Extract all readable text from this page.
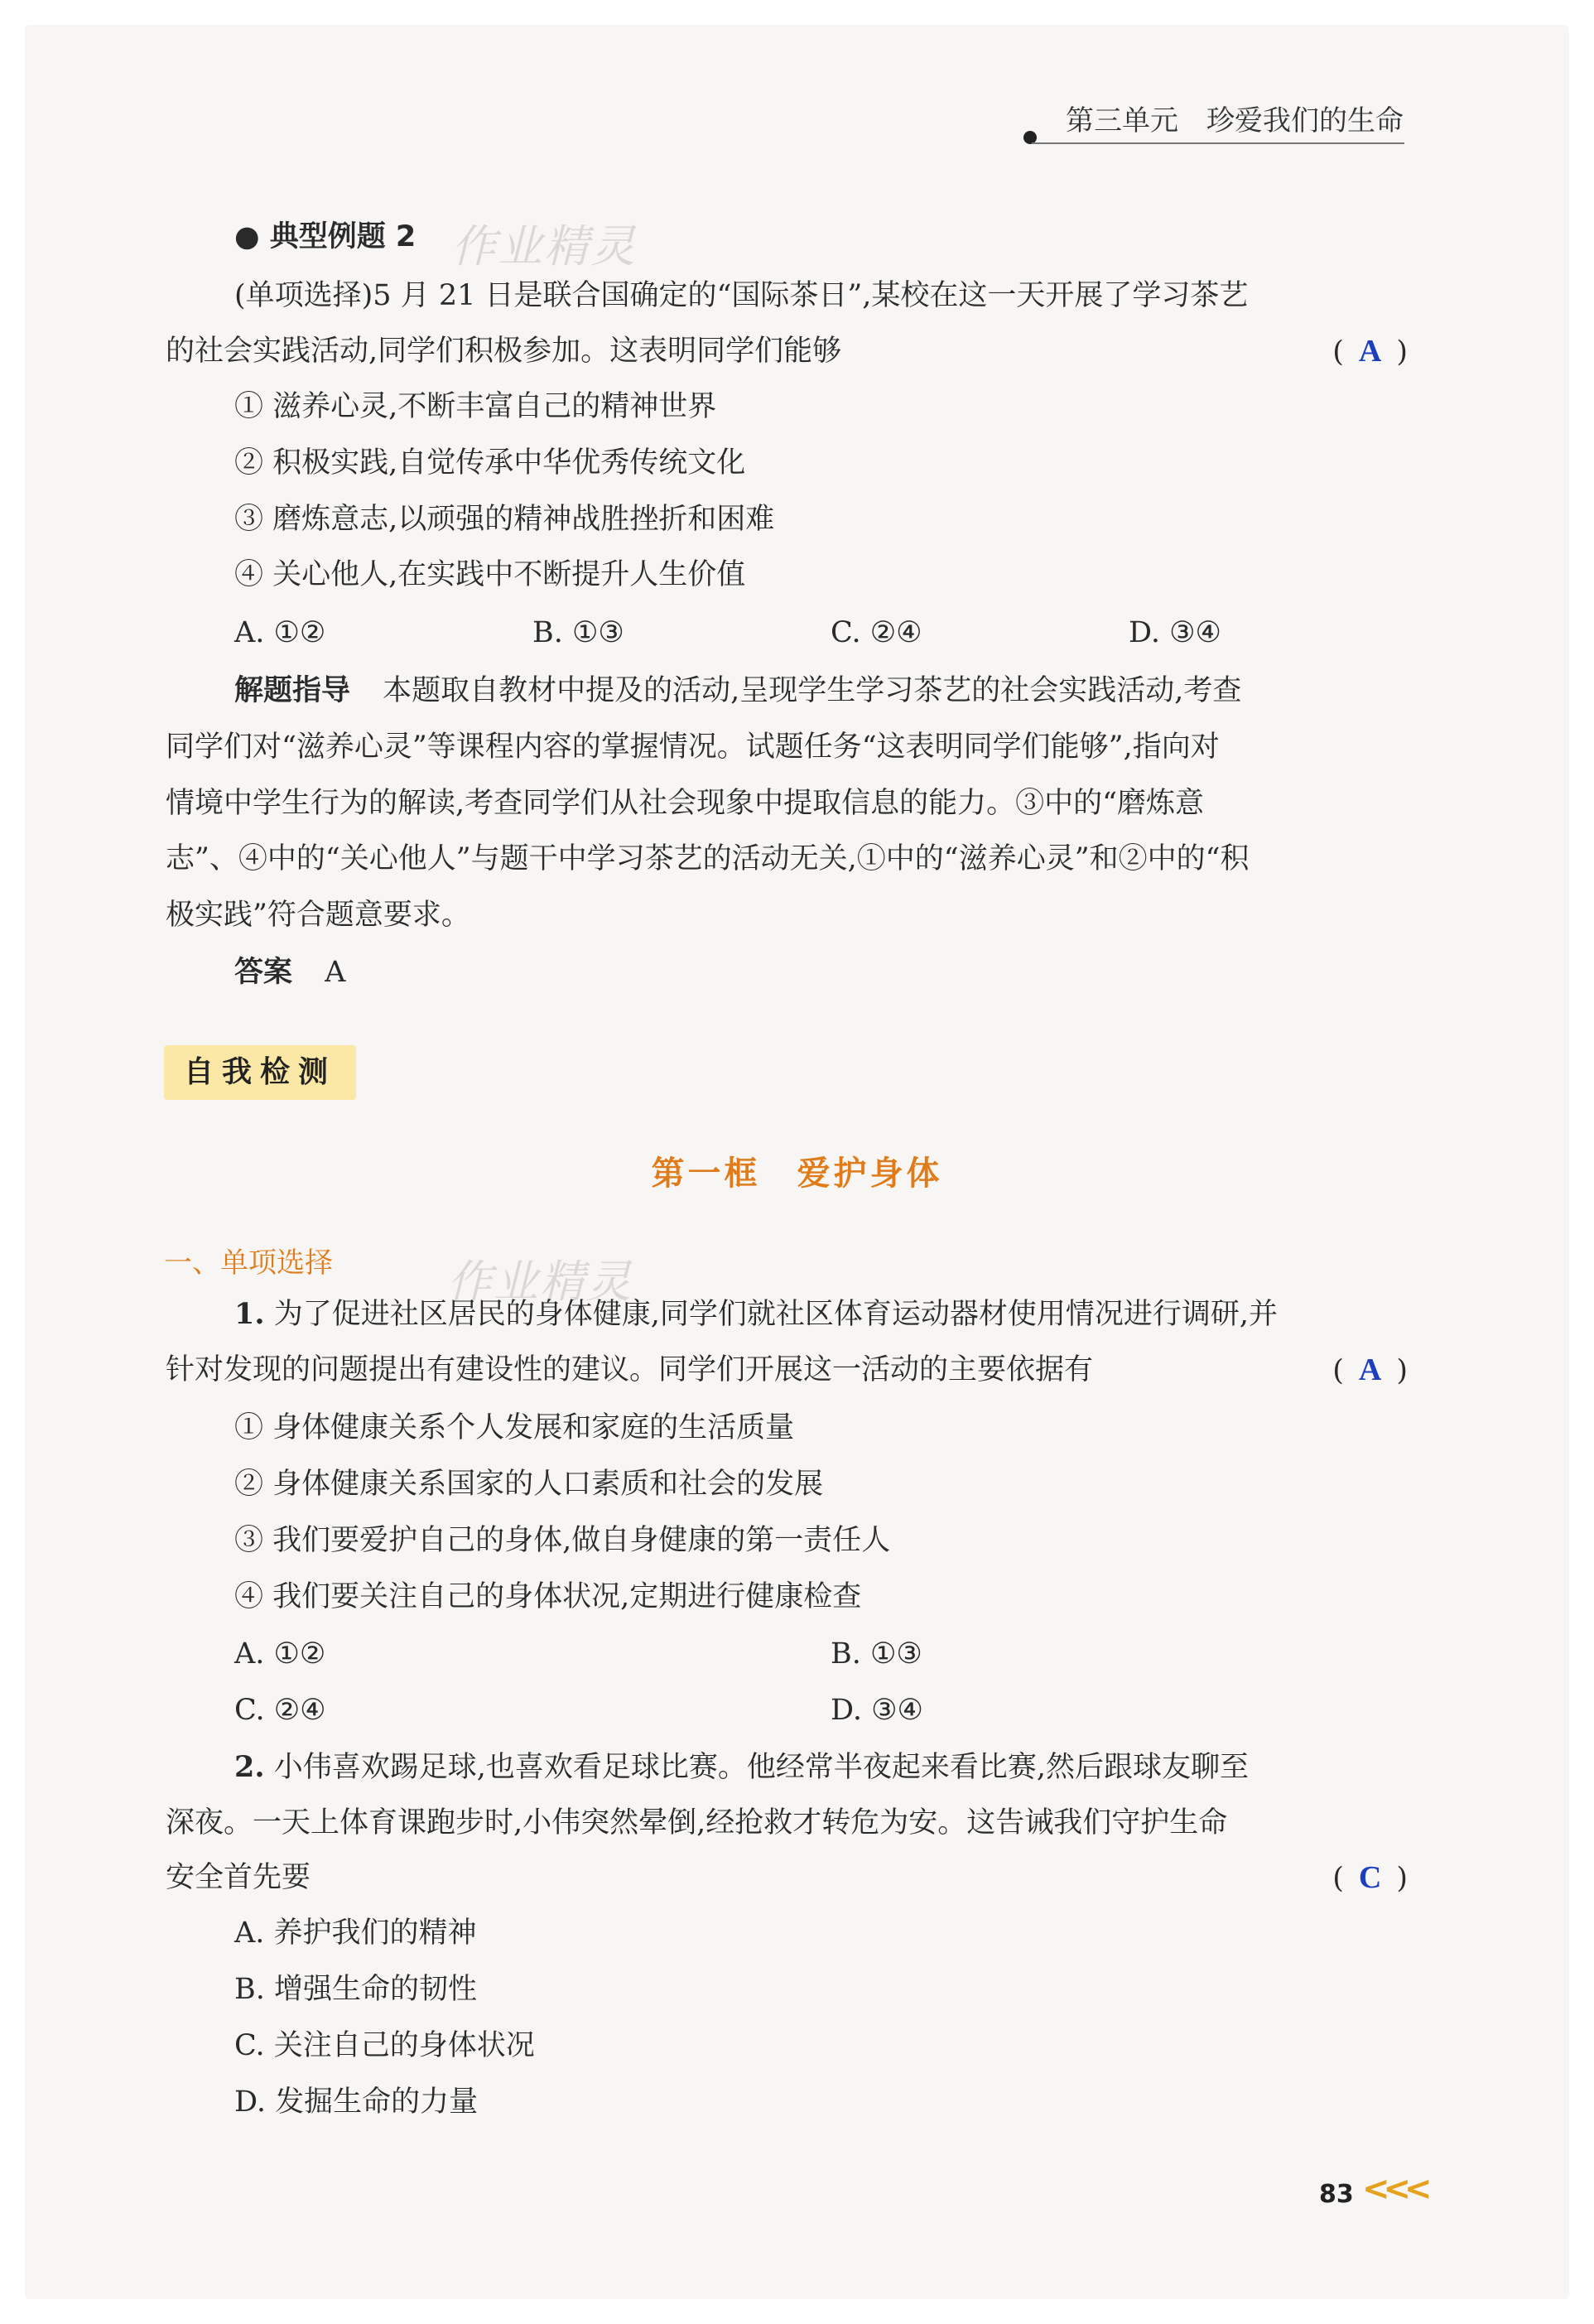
第三单元　珍爱我们的生命
作业精灵
作业精灵
● 典型例题 2
(单项选择)5 月 21 日是联合国确定的“国际茶日”,某校在这一天开展了学习茶艺
的社会实践活动,同学们积极参加。这表明同学们能够	( A )
① 滋养心灵,不断丰富自己的精神世界
② 积极实践,自觉传承中华优秀传统文化
③ 磨炼意志,以顽强的精神战胜挫折和困难
④ 关心他人,在实践中不断提升人生价值
A. ①②	B. ①③	C. ②④	D. ③④
解题指导 本题取自教材中提及的活动,呈现学生学习茶艺的社会实践活动,考查
同学们对“滋养心灵”等课程内容的掌握情况。试题任务“这表明同学们能够”,指向对
情境中学生行为的解读,考查同学们从社会现象中提取信息的能力。③中的“磨炼意
志”、④中的“关心他人”与题干中学习茶艺的活动无关,①中的“滋养心灵”和②中的“积
极实践”符合题意要求。
答案 A
自我检测
第一框　爱护身体
一、单项选择
1. 为了促进社区居民的身体健康,同学们就社区体育运动器材使用情况进行调研,并
针对发现的问题提出有建设性的建议。同学们开展这一活动的主要依据有	( A )
① 身体健康关系个人发展和家庭的生活质量
② 身体健康关系国家的人口素质和社会的发展
③ 我们要爱护自己的身体,做自身健康的第一责任人
④ 我们要关注自己的身体状况,定期进行健康检查
A. ①②	B. ①③
C. ②④	D. ③④
2. 小伟喜欢踢足球,也喜欢看足球比赛。他经常半夜起来看比赛,然后跟球友聊至
深夜。一天上体育课跑步时,小伟突然晕倒,经抢救才转危为安。这告诫我们守护生命
安全首先要	( C )
A. 养护我们的精神
B. 增强生命的韧性
C. 关注自己的身体状况
D. 发掘生命的力量
83 <<<
